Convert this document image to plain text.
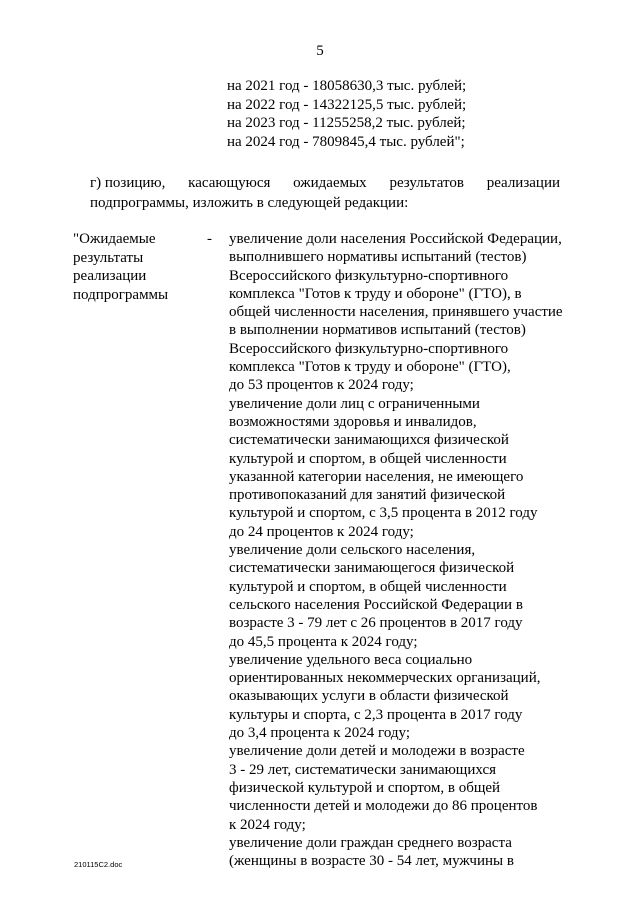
5
на 2021 год - 18058630,3 тыс. рублей;
на 2022 год - 14322125,5 тыс. рублей;
на 2023 год - 11255258,2 тыс. рублей;
на 2024 год - 7809845,4 тыс. рублей";
г) позицию, касающуюся ожидаемых результатов реализации
подпрограммы, изложить в следующей редакции:
"Ожидаемые
результаты
реализации
подпрограммы
- увеличение доли населения Российской Федерации,
выполнившего нормативы испытаний (тестов)
Всероссийского физкультурно-спортивного
комплекса "Готов к труду и обороне" (ГТО), в
общей численности населения, принявшего участие
в выполнении нормативов испытаний (тестов)
Всероссийского физкультурно-спортивного
комплекса "Готов к труду и обороне" (ГТО),
до 53 процентов к 2024 году;
увеличение доли лиц с ограниченными
возможностями здоровья и инвалидов,
систематически занимающихся физической
культурой и спортом, в общей численности
указанной категории населения, не имеющего
противопоказаний для занятий физической
культурой и спортом, с 3,5 процента в 2012 году
до 24 процентов к 2024 году;
увеличение доли сельского населения,
систематически занимающегося физической
культурой и спортом, в общей численности
сельского населения Российской Федерации в
возрасте 3 - 79 лет с 26 процентов в 2017 году
до 45,5 процента к 2024 году;
увеличение удельного веса социально
ориентированных некоммерческих организаций,
оказывающих услуги в области физической
культуры и спорта, с 2,3 процента в 2017 году
до 3,4 процента к 2024 году;
увеличение доли детей и молодежи в возрасте
3 - 29 лет, систематически занимающихся
физической культурой и спортом, в общей
численности детей и молодежи до 86 процентов
к 2024 году;
увеличение доли граждан среднего возраста
(женщины в возрасте 30 - 54 лет, мужчины в
210115С2.doc
